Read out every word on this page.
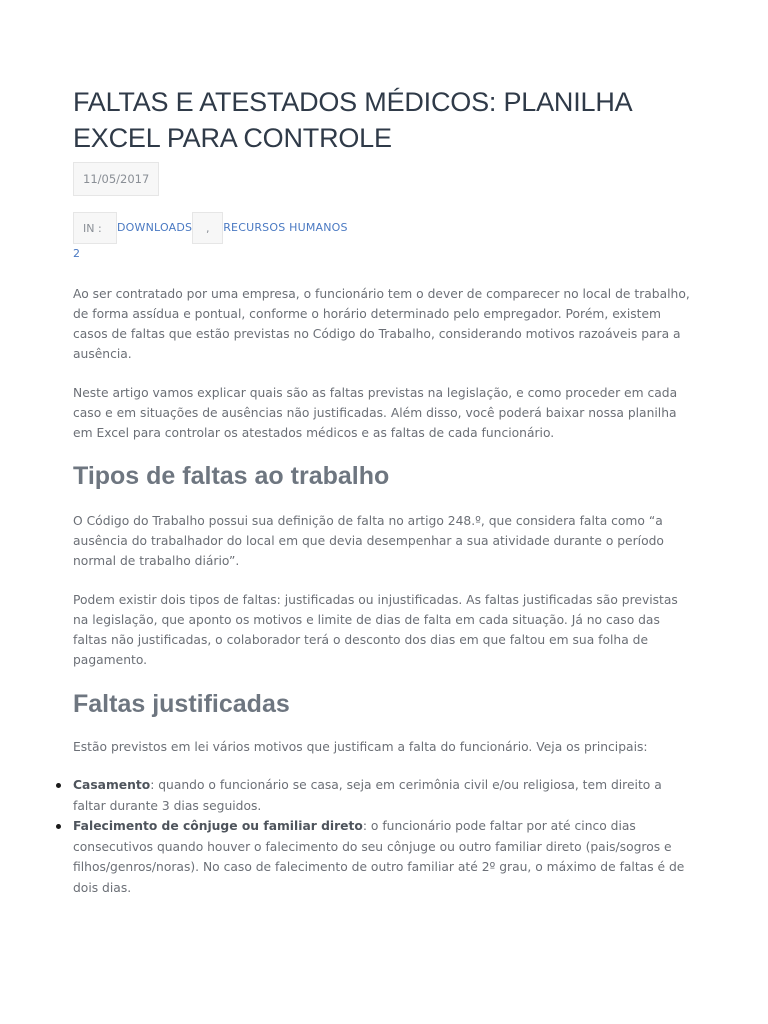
FALTAS E ATESTADOS MÉDICOS: PLANILHA EXCEL PARA CONTROLE
11/05/2017
IN :	DOWNLOADS	,	RECURSOS HUMANOS
2

Ao ser contratado por uma empresa, o funcionário tem o dever de comparecer no local de trabalho, de forma assídua e pontual, conforme o horário determinado pelo empregador. Porém, existem casos de faltas que estão previstas no Código do Trabalho, considerando motivos razoáveis para a ausência.

Neste artigo vamos explicar quais são as faltas previstas na legislação, e como proceder em cada caso e em situações de ausências não justificadas. Além disso, você poderá baixar nossa planilha em Excel para controlar os atestados médicos e as faltas de cada funcionário.

Tipos de faltas ao trabalho

O Código do Trabalho possui sua definição de falta no artigo 248.º, que considera falta como “a ausência do trabalhador do local em que devia desempenhar a sua atividade durante o período normal de trabalho diário”.

Podem existir dois tipos de faltas: justificadas ou injustificadas. As faltas justificadas são previstas na legislação, que aponto os motivos e limite de dias de falta em cada situação. Já no caso das faltas não justificadas, o colaborador terá o desconto dos dias em que faltou em sua folha de pagamento.

Faltas justificadas

Estão previstos em lei vários motivos que justificam a falta do funcionário. Veja os principais:

Casamento: quando o funcionário se casa, seja em cerimônia civil e/ou religiosa, tem direito a faltar durante 3 dias seguidos.
Falecimento de cônjuge ou familiar direto: o funcionário pode faltar por até cinco dias consecutivos quando houver o falecimento do seu cônjuge ou outro familiar direto (pais/sogros e filhos/genros/noras). No caso de falecimento de outro familiar até 2º grau, o máximo de faltas é de dois dias.
